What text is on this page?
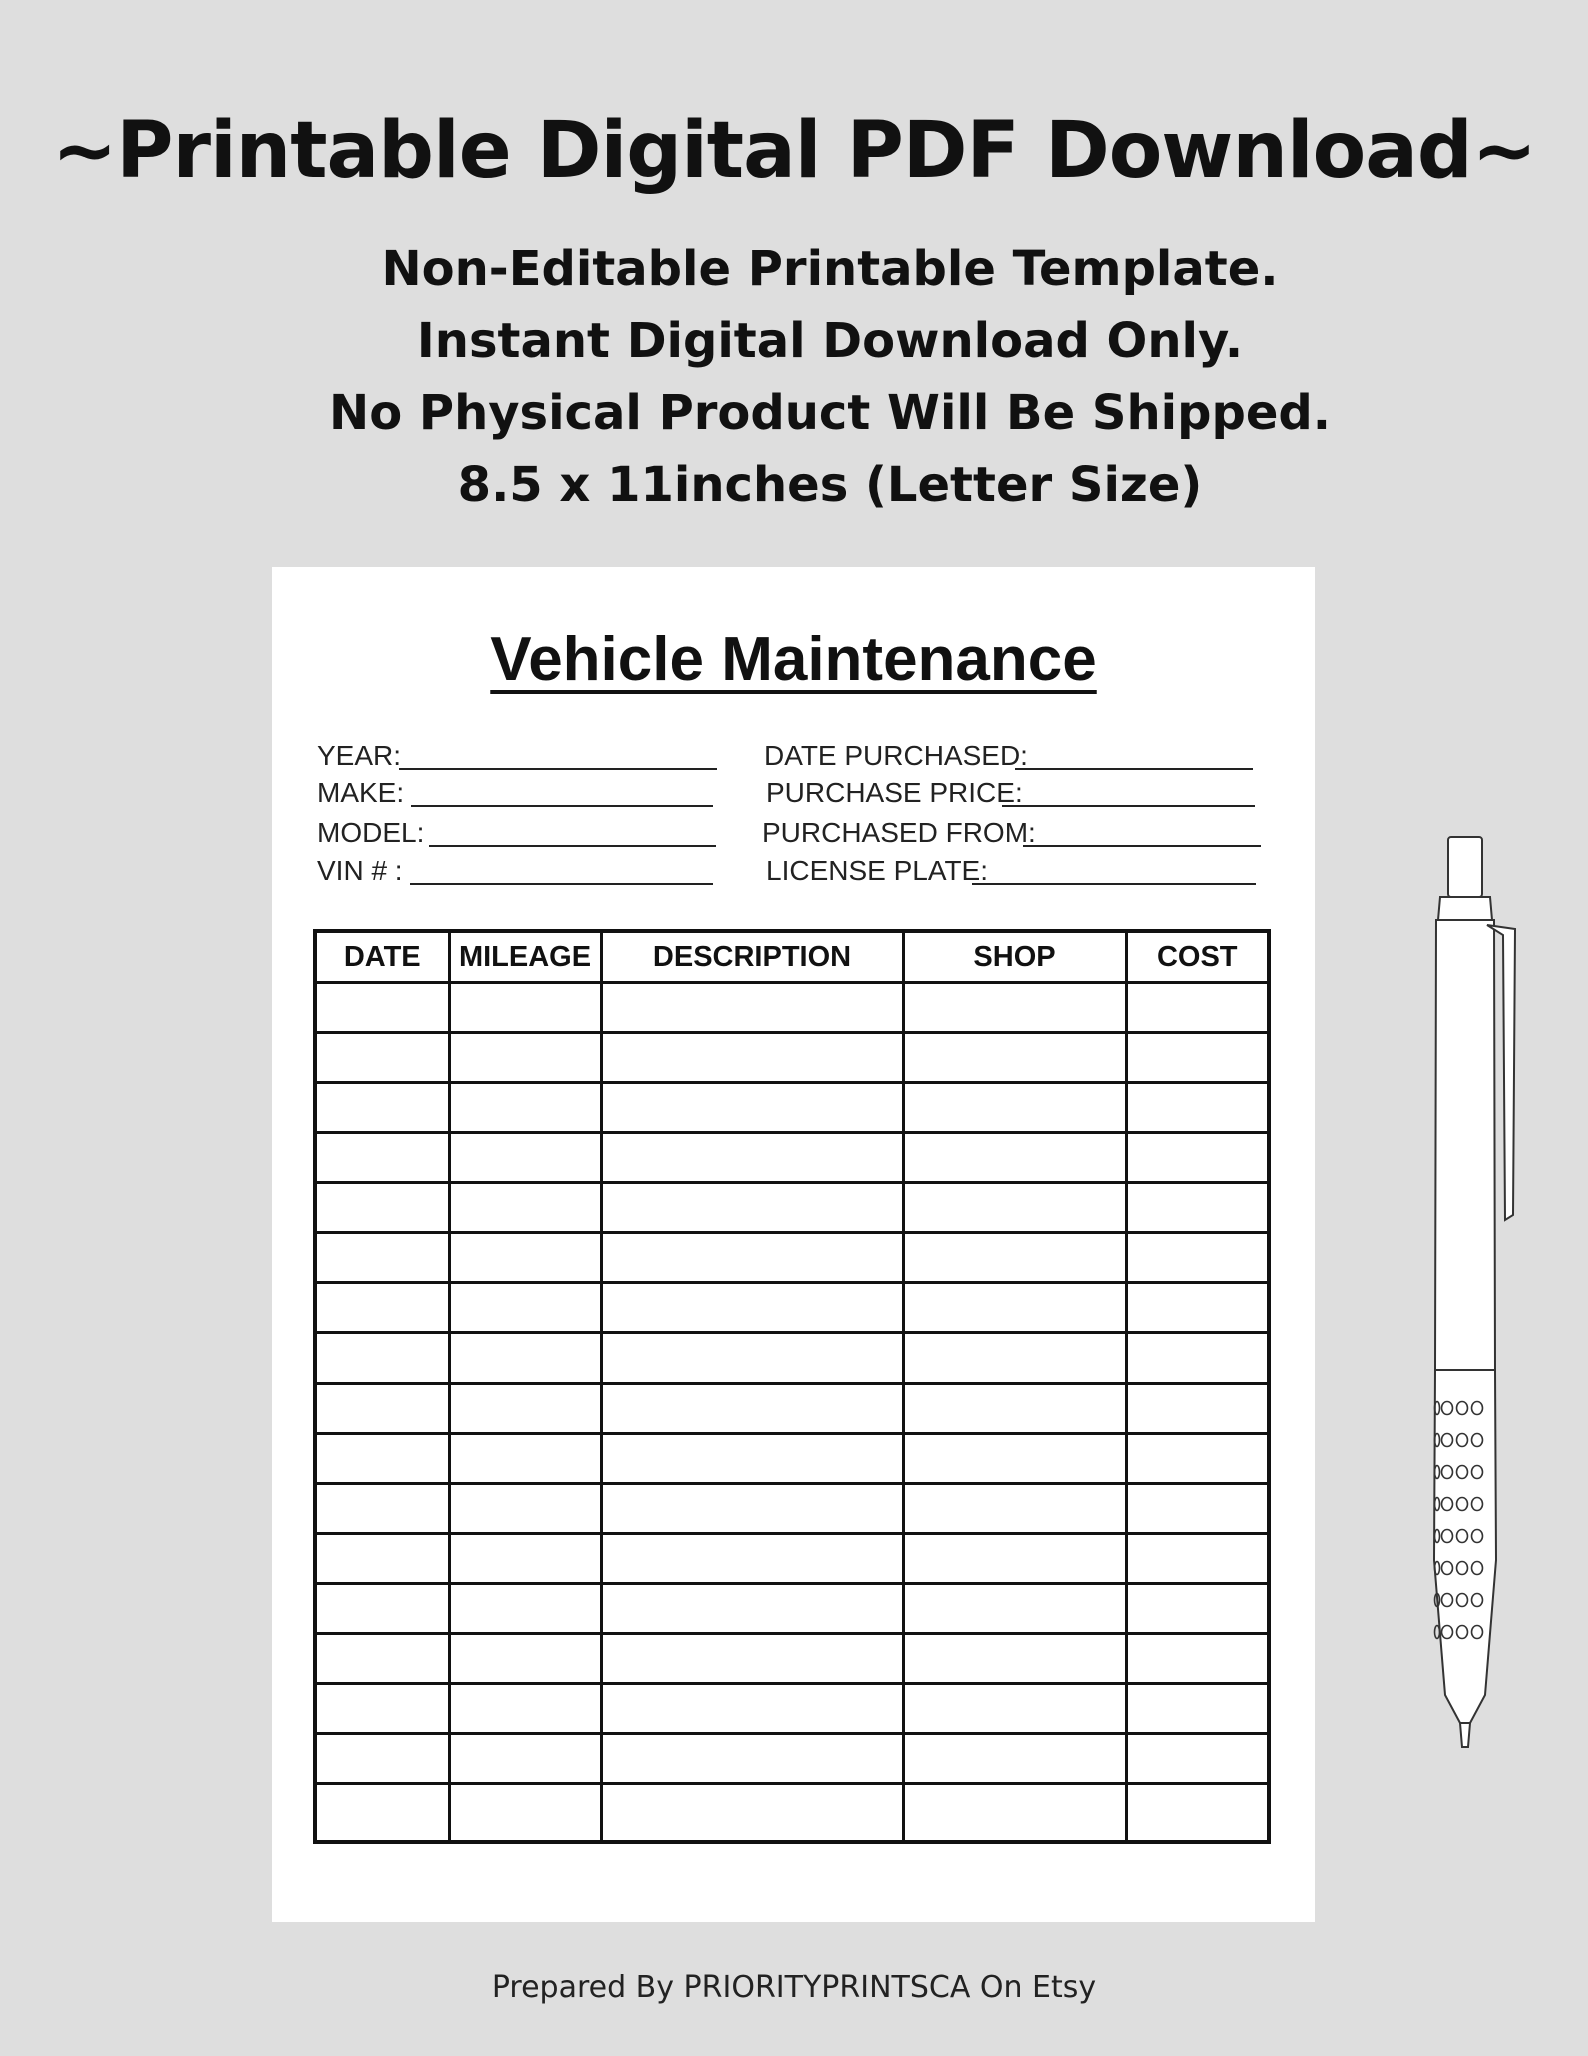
~Printable Digital PDF Download~
Non-Editable Printable Template.
Instant Digital Download Only.
No Physical Product Will Be Shipped.
8.5 x 11inches (Letter Size)
Vehicle Maintenance
YEAR:
MAKE:
MODEL:
VIN # :
DATE PURCHASED:
PURCHASE PRICE:
PURCHASED FROM:
LICENSE PLATE:
DATE	MILEAGE	DESCRIPTION	SHOP	COST

Prepared By PRIORITYPRINTSCA On Etsy
